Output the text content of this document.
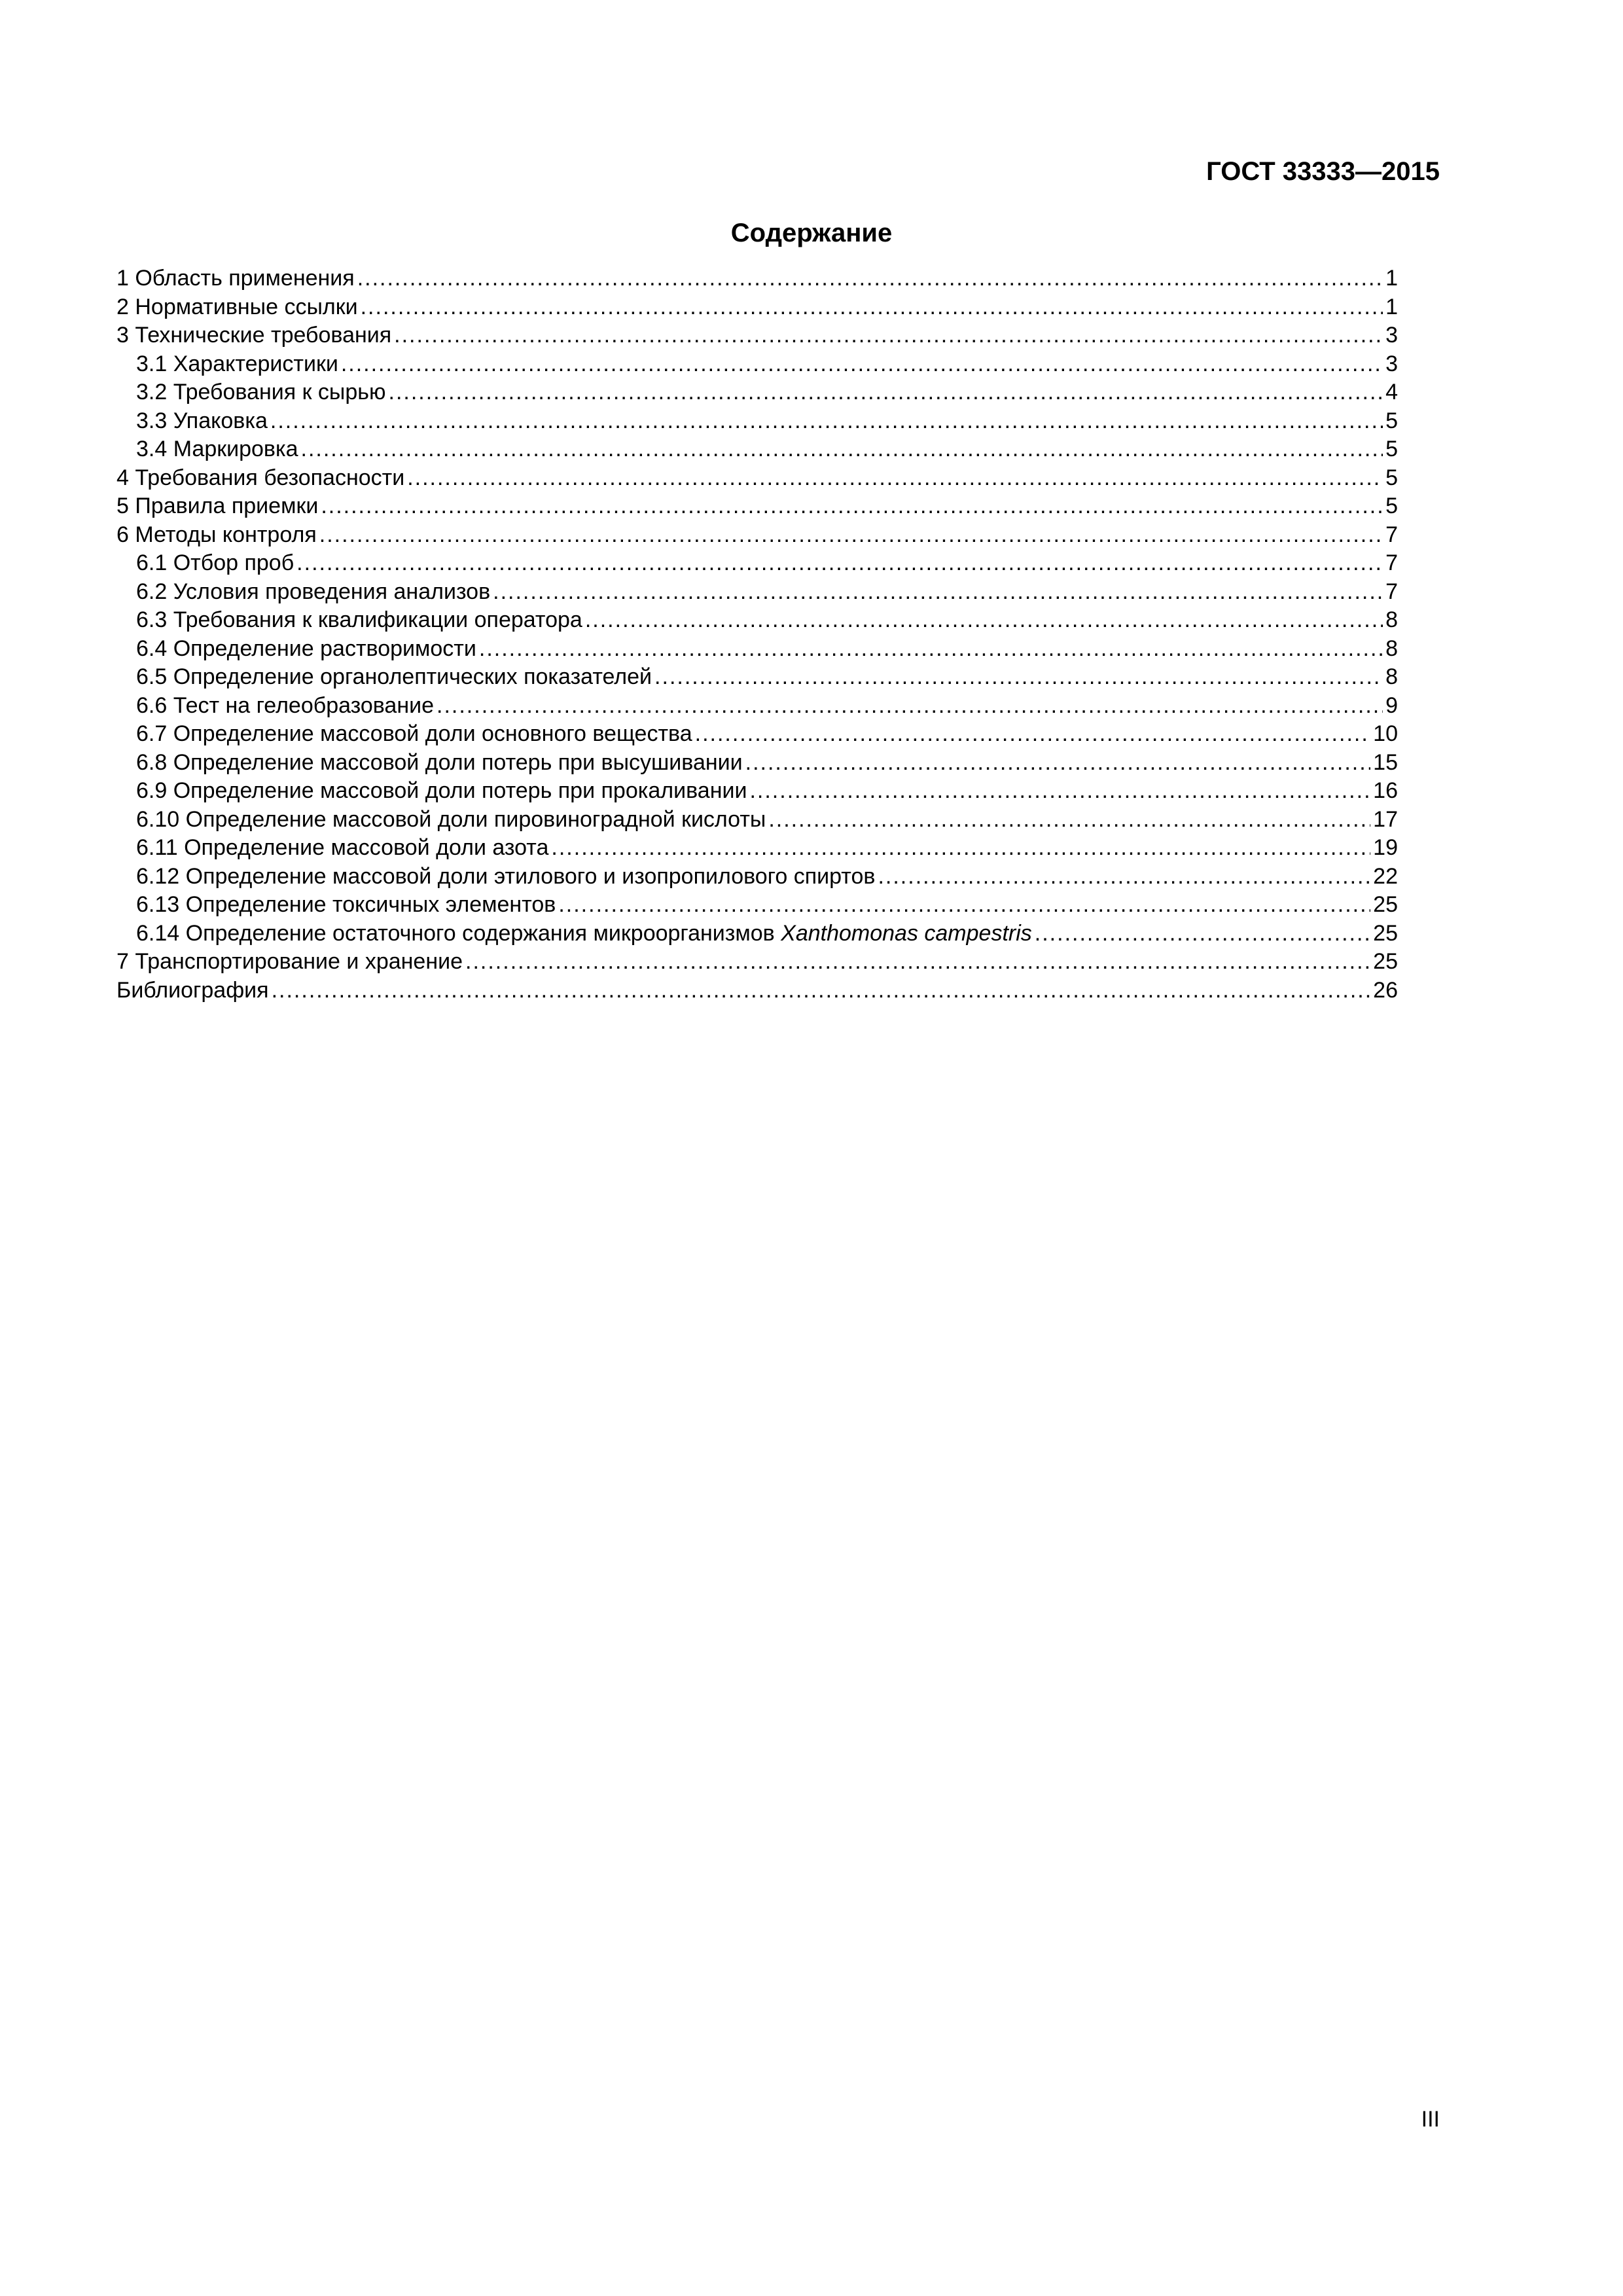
ГОСТ 33333—2015
Содержание
1 Область применения .....	1
2 Нормативные ссылки .....	1
3 Технические требования .....	3
3.1 Характеристики .....	3
3.2 Требования к сырью .....	4
3.3 Упаковка .....	5
3.4 Маркировка .....	5
4 Требования безопасности .....	5
5 Правила приемки .....	5
6 Методы контроля .....	7
6.1 Отбор проб .....	7
6.2 Условия проведения анализов .....	7
6.3 Требования к квалификации оператора .....	8
6.4 Определение растворимости .....	8
6.5 Определение органолептических показателей .....	8
6.6 Тест на гелеобразование .....	9
6.7 Определение массовой доли основного вещества .....	10
6.8 Определение массовой доли потерь при высушивании .....	15
6.9 Определение массовой доли потерь при прокаливании .....	16
6.10 Определение массовой доли пировиноградной кислоты .....	17
6.11 Определение массовой доли азота .....	19
6.12 Определение массовой доли этилового и изопропилового спиртов .....	22
6.13 Определение токсичных элементов .....	25
6.14 Определение остаточного содержания микроорганизмов Xanthomonas campestris .....	25
7 Транспортирование и хранение .....	25
Библиография .....	26
III
